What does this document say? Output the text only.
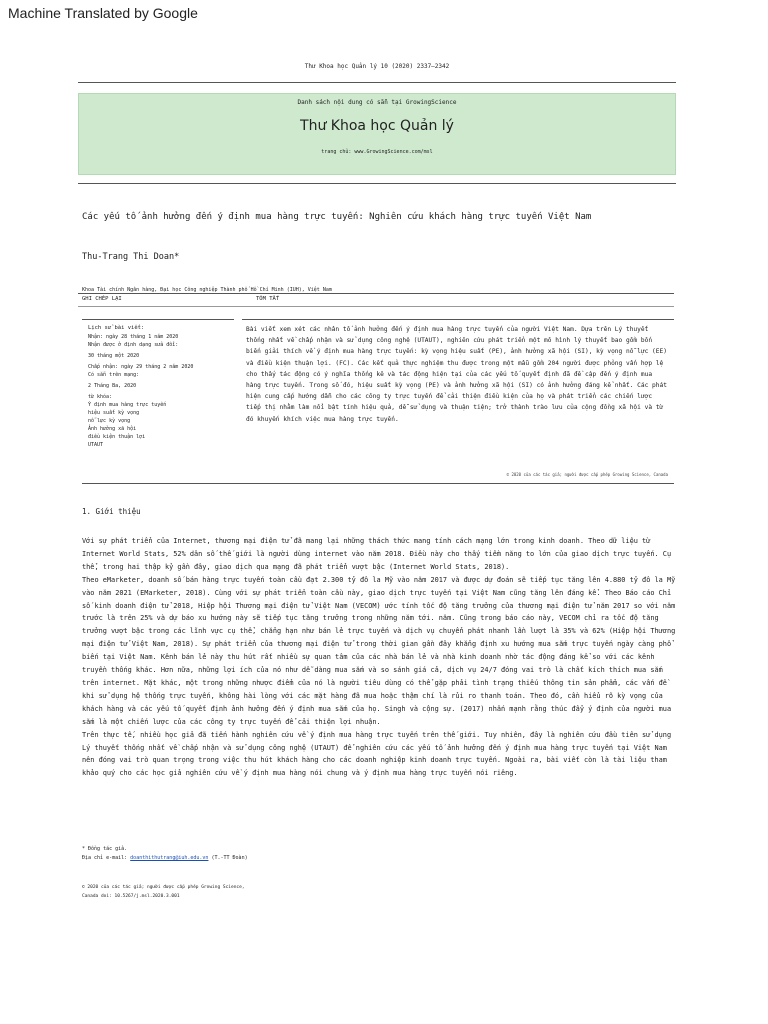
Machine Translated by Google
Thư Khoa học Quản lý 10 (2020) 2337–2342
Danh sách nội dung có sẵn tại GrowingScience
Thư Khoa học Quản lý
trang chủ: www.GrowingScience.com/msl
Các yếu tố ảnh hưởng đến ý định mua hàng trực tuyến: Nghiên cứu khách hàng trực tuyến Việt Nam
Thu-Trang Thi Doan*
Khoa Tài chính Ngân hàng, Đại học Công nghiệp Thành phố Hồ Chí Minh (IUH), Việt Nam
GHI CHÉP LẠI	TÓM TẮT
Lịch sử bài viết:
Nhận: ngày 28 tháng 1 năm 2020
Nhận được ở định dạng sửa đổi:
30 tháng một 2020
Chấp nhận: ngày 29 tháng 2 năm 2020
Có sẵn trên mạng:
2 Tháng Ba, 2020
từ khóa:
Ý định mua hàng trực tuyến
hiệu suất kỳ vọng
nỗ lực kỳ vọng
Ảnh hưởng xã hội
điều kiện thuận lợi
UTAUT
Bài viết xem xét các nhân tố ảnh hưởng đến ý định mua hàng trực tuyến của người Việt Nam. Dựa trên Lý thuyết thống nhất về chấp nhận và sử dụng công nghệ (UTAUT), nghiên cứu phát triển một mô hình lý thuyết bao gồm bốn biến giải thích về ý định mua hàng trực tuyến: kỳ vọng hiệu suất (PE), ảnh hưởng xã hội (SI), kỳ vọng nỗ lực (EE) và điều kiện thuận lợi. (FC). Các kết quả thực nghiệm thu được trong một mẫu gồm 204 người được phỏng vấn hợp lệ cho thấy tác động có ý nghĩa thống kê và tác động hiện tại của các yếu tố quyết định đã đề cập đến ý định mua hàng trực tuyến. Trong số đó, hiệu suất kỳ vọng (PE) và ảnh hưởng xã hội (SI) có ảnh hưởng đáng kể nhất. Các phát hiện cung cấp hướng dẫn cho các công ty trực tuyến để cải thiện điều kiện của họ và phát triển các chiến lược tiếp thị nhằm làm nổi bật tính hiệu quả, dễ sử dụng và thuận tiện; trở thành trào lưu của cộng đồng xã hội và từ đó khuyến khích việc mua hàng trực tuyến.
© 2020 của các tác giả; người được cấp phép Growing Science, Canada
1. Giới thiệu

Với sự phát triển của Internet, thương mại điện tử đã mang lại những thách thức mang tính cách mạng lớn trong kinh doanh. Theo dữ liệu từ Internet World Stats, 52% dân số thế giới là người dùng internet vào năm 2018. Điều này cho thấy tiềm năng to lớn của giao dịch trực tuyến. Cụ thể, trong hai thập kỷ gần đây, giao dịch qua mạng đã phát triển vượt bậc (Internet World Stats, 2018).

Theo eMarketer, doanh số bán hàng trực tuyến toàn cầu đạt 2.300 tỷ đô la Mỹ vào năm 2017 và được dự đoán sẽ tiếp tục tăng lên 4.880 tỷ đô la Mỹ vào năm 2021 (EMarketer, 2018). Cùng với sự phát triển toàn cầu này, giao dịch trực tuyến tại Việt Nam cũng tăng lên đáng kể. Theo Báo cáo Chỉ số kinh doanh điện tử 2018, Hiệp hội Thương mại điện tử Việt Nam (VECOM) ước tính tốc độ tăng trưởng của thương mại điện tử năm 2017 so với năm trước là trên 25% và dự báo xu hướng này sẽ tiếp tục tăng trưởng trong những năm tới. năm. Cũng trong báo cáo này, VECOM chỉ ra tốc độ tăng trưởng vượt bậc trong các lĩnh vực cụ thể, chẳng hạn như bán lẻ trực tuyến và dịch vụ chuyển phát nhanh lần lượt là 35% và 62% (Hiệp hội Thương mại điện tử Việt Nam, 2018). Sự phát triển của thương mại điện tử trong thời gian gần đây khẳng định xu hướng mua sắm trực tuyến ngày càng phổ biến tại Việt Nam. Kênh bán lẻ này thu hút rất nhiều sự quan tâm của các nhà bán lẻ và nhà kinh doanh nhờ tác động đáng kể so với các kênh truyền thống khác. Hơn nữa, những lợi ích của nó như dễ dàng mua sắm và so sánh giá cả, dịch vụ 24/7 đóng vai trò là chất kích thích mua sắm trên internet. Mặt khác, một trong những nhược điểm của nó là người tiêu dùng có thể gặp phải tình trạng thiếu thông tin sản phẩm, các vấn đề khi sử dụng hệ thống trực tuyến, không hài lòng với các mặt hàng đã mua hoặc thậm chí là rủi ro thanh toán. Theo đó, cần hiểu rõ kỳ vọng của khách hàng và các yếu tố quyết định ảnh hưởng đến ý định mua sắm của họ. Singh và cộng sự. (2017) nhấn mạnh rằng thúc đẩy ý định của người mua sắm là một chiến lược của các công ty trực tuyến để cải thiện lợi nhuận.

Trên thực tế, nhiều học giả đã tiến hành nghiên cứu về ý định mua hàng trực tuyến trên thế giới. Tuy nhiên, đây là nghiên cứu đầu tiên sử dụng Lý thuyết thống nhất về chấp nhận và sử dụng công nghệ (UTAUT) để nghiên cứu các yếu tố ảnh hưởng đến ý định mua hàng trực tuyến tại Việt Nam nên đóng vai trò quan trọng trong việc thu hút khách hàng cho các doanh nghiệp kinh doanh trực tuyến. Ngoài ra, bài viết còn là tài liệu tham khảo quý cho các học giả nghiên cứu về ý định mua hàng nói chung và ý định mua hàng trực tuyến nói riêng.

* Đồng tác giả.
Địa chỉ e-mail: doanthithutrang@iuh.edu.vn (T.-TT Đoàn)
© 2020 của các tác giả; người được cấp phép Growing Science,
Canada doi: 10.5267/j.msl.2020.3.001
